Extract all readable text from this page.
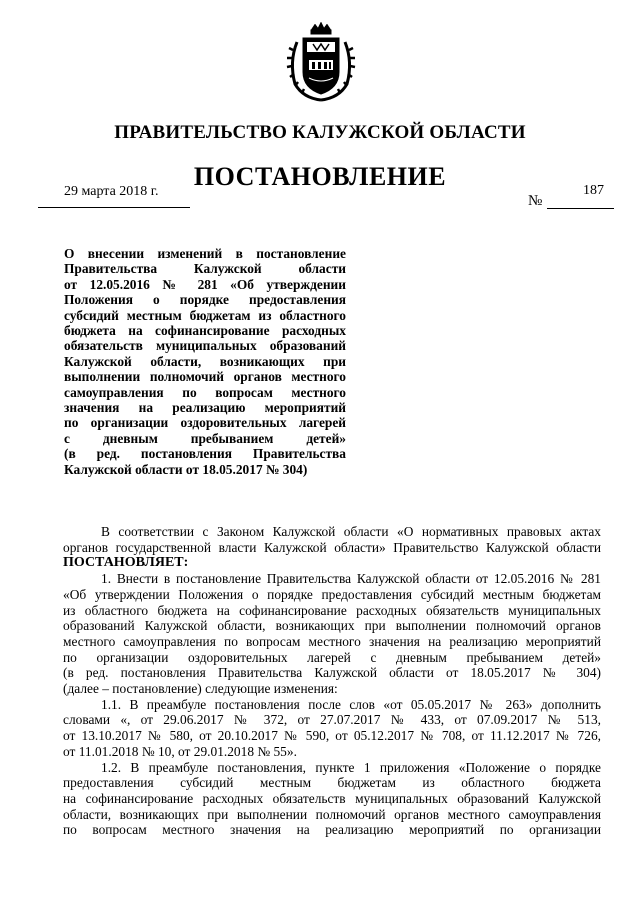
ПРАВИТЕЛЬСТВО КАЛУЖСКОЙ ОБЛАСТИ
ПОСТАНОВЛЕНИЕ
29 марта 2018 г.
№
187
О внесении изменений в постановление
Правительства Калужской области
от 12.05.2016 № 281 «Об утверждении
Положения о порядке предоставления
субсидий местным бюджетам из областного
бюджета на софинансирование расходных
обязательств муниципальных образований
Калужской области, возникающих при
выполнении полномочий органов местного
самоуправления по вопросам местного
значения на реализацию мероприятий
по организации оздоровительных лагерей
с дневным пребыванием детей»
(в ред. постановления Правительства
Калужской области от 18.05.2017 № 304)
В соответствии с Законом Калужской области «О нормативных правовых актах
органов государственной власти Калужской области» Правительство Калужской области
ПОСТАНОВЛЯЕТ:
1. Внести в постановление Правительства Калужской области от 12.05.2016 № 281
«Об утверждении Положения о порядке предоставления субсидий местным бюджетам
из областного бюджета на софинансирование расходных обязательств муниципальных
образований Калужской области, возникающих при выполнении полномочий органов
местного самоуправления по вопросам местного значения на реализацию мероприятий
по организации оздоровительных лагерей с дневным пребыванием детей»
(в ред. постановления Правительства Калужской области от 18.05.2017 № 304)
(далее – постановление) следующие изменения:
1.1. В преамбуле постановления после слов «от 05.05.2017 № 263» дополнить
словами «, от 29.06.2017 № 372, от 27.07.2017 № 433, от 07.09.2017 № 513,
от 13.10.2017 № 580, от 20.10.2017 № 590, от 05.12.2017 № 708, от 11.12.2017 № 726,
от 11.01.2018 № 10, от 29.01.2018 № 55».
1.2. В преамбуле постановления, пункте 1 приложения «Положение о порядке
предоставления субсидий местным бюджетам из областного бюджета
на софинансирование расходных обязательств муниципальных образований Калужской
области, возникающих при выполнении полномочий органов местного самоуправления
по вопросам местного значения на реализацию мероприятий по организации
